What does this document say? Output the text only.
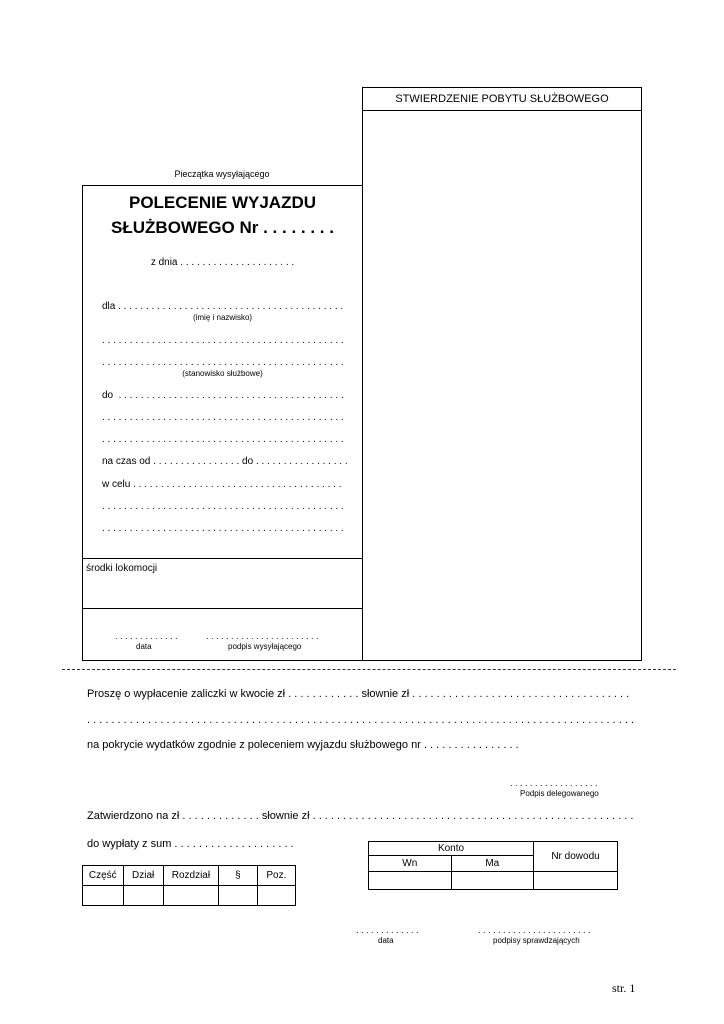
STWIERDZENIE POBYTU SŁUŻBOWEGO
Pieczątka wysyłającego
POLECENIE WYJAZDU
SŁUŻBOWEGO Nr . . . . . . . .
z dnia . . . . . . . . . . . . . . . . . . . . .
dla . . . . . . . . . . . . . . . . . . . . . . . . . . . . . . . . . . . . . . . . .
(imię i nazwisko)
. . . . . . . . . . . . . . . . . . . . . . . . . . . . . . . . . . . . . . . . . . . .
. . . . . . . . . . . . . . . . . . . . . . . . . . . . . . . . . . . . . . . . . . . .
(stanowisko służbowe)
do  . . . . . . . . . . . . . . . . . . . . . . . . . . . . . . . . . . . . . . . . .
. . . . . . . . . . . . . . . . . . . . . . . . . . . . . . . . . . . . . . . . . . . .
. . . . . . . . . . . . . . . . . . . . . . . . . . . . . . . . . . . . . . . . . . . .
na czas od . . . . . . . . . . . . . . . . do . . . . . . . . . . . . . . . . .
w celu . . . . . . . . . . . . . . . . . . . . . . . . . . . . . . . . . . . . . .
. . . . . . . . . . . . . . . . . . . . . . . . . . . . . . . . . . . . . . . . . . . .
. . . . . . . . . . . . . . . . . . . . . . . . . . . . . . . . . . . . . . . . . . . .
środki lokomocji
. . . . . . . . . . . . .	. . . . . . . . . . . . . . . . . . . . . . .
data	podpis wysyłającego
Proszę o wypłacenie zaliczki w kwocie zł . . . . . . . . . . . . słownie zł . . . . . . . . . . . . . . . . . . . . . . . . . . . . . . . . . . . .
. . . . . . . . . . . . . . . . . . . . . . . . . . . . . . . . . . . . . . . . . . . . . . . . . . . . . . . . . . . . . . . . . . . . . . . . . . . . . . . . . . . . . . . . . .
na pokrycie wydatków zgodnie z poleceniem wyjazdu służbowego nr . . . . . . . . . . . . . . . .
. . . . . . . . . . . . . . . . . .
Podpis delegowanego
Zatwierdzono na zł . . . . . . . . . . . . . słownie zł . . . . . . . . . . . . . . . . . . . . . . . . . . . . . . . . . . . . . . . . . . . . . . . . . . . . .
do wypłaty z sum . . . . . . . . . . . . . . . . . . . .
Część	Dział	Rozdział	§	Poz.

Konto		Nr dowodu
Wn	Ma	

. . . . . . . . . . . . .	. . . . . . . . . . . . . . . . . . . . . . .
data	podpisy sprawdzających
str. 1
